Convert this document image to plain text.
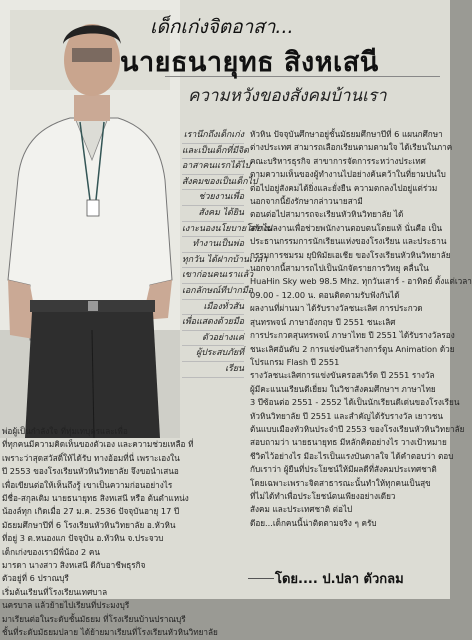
เด็กเก่งจิตอาสา...
นายธนายุทธ สิงหเสนี
ความหวังของสังคมบ้านเรา
เรานึกถึงเด็กเก่ง
และเป็นเด็กที่มีจิต
อาสาคนแรกได้ไป
สังคมของเป็นเด็กไป
ช่วยงานเพื่อ
สังคม ได้ยิน
เงาะนองนโยบายโดยไป
ทำงานเป็นพ่อ
ทุกวัน ได้ฝากบ้านเวลา
เขาก่อนคนเราแล้ว
เอกลักษณ์ทีปากมือ
เมืองทั่วสัน
เพื่อแสดงด้วยมือ
ตัวอย่างแค่
ผู้ประสบภัยที่
เรียน
หัวหิน ปัจจุบันศึกษาอยู่ชั้นมัธยมศึกษาปีที่ 6 แผนกศึกษา
ต่างประเทศ สามารถเลือกเรียนตามตามใจ ได้เรียนในภาค
คณะบริหารธุรกิจ สาขาการจัดการระหว่างประเทศ
ตามความเห็นของผู้ทำงานไปอย่างค้นคว้าในที่ยามปนใบ
ต่อไปอยู่สังคมได้ยิ่งและยั่งยืน ความตกลงไปอยู่แต่ร่วม
นอกจากนี้ยังรักษากล่าวนายสามี
ตอนต่อไปสามารถจะเรียนหัวหินวิทยาลัย ได้
สร้างผลงานเพื่อช่วยพนักงานตอบตนโดยแท้ นั่นคือ เป็น
ประธานกรรมการนักเรียนแห่งของโรงเรียน และประธาน
กรรมการชมรม ยุบิพิมัยเอเชีย ของโรงเรียนหัวหินวิทยาลัย
นอกจากนี้สามารถไปเป็นนักจัดรายการวิทยุ คลื่นใน
HuaHin Sky web 98.5 Mhz. ทุกวันเสาร์ - อาทิตย์ ตั้งแต่เวลา
09.00 - 12.00 น. ตอนติดตามรับฟังกันได้
ผลงานที่ผ่านมา ได้รับรางวัลชนะเลิศ การประกวด
สุนทรพจน์ ภาษาอังกฤษ ปี 2551 ชนะเลิศ
การประกวดสุนทรพจน์ ภาษาไทย ปี 2551 ได้รับรางวัลรอง
ชนะเลิศอันดับ 2 การแข่งขันสร้างการ์ตูน Animation ด้วย
โปรแกรม Flash ปี 2551
รางวัลชนะเลิศการแข่งขันครอสเวิร์ด ปี 2551 รางวัล
ผู้มีคะแนนเรียนดีเยี่ยม ในวิชาสังคมศึกษาฯ ภาษาไทย
3 ปีซ้อนต่อ 2551 - 2552 ได้เป็นนักเรียนดีเด่นของโรงเรียน
หัวหินวิทยาลัย ปี 2551 และสำคัญได้รับรางวัล เยาวชน
ต้นแบบเมืองหัวหินประจำปี 2553 ของโรงเรียนหัวหินวิทยาลัย
สอบถามว่า นายธนายุทธ มีหลักคิดอย่างไร วางเป้าหมาย
ชีวิตไว้อย่างไร มีอะไรเป็นแรงบันดาลใจ ได้คำตอบว่า ตอบ
กับเราว่า ผู้ยืนที่ประโยชน์ให้มีผลดีที่สังคมประเทศชาติ
โดยเฉพาะเพราะจิตสาธารณะนั้นทำให้ทุกคนเป็นสุข
ที่ไม่ได้ทำเพื่อประโยชน์ตนเพียงอย่างเดียว
สังคม และประเทศชาติ ต่อไป
ดีอย...เด็กคนนี้น่าติดตามจริง ๆ ครับ
พ่อผู้เป็นกำลังใจ ที่ทุ่มเทบุตรและเพื่อ
ที่ทุกคนมีความคิดเห็นของตัวเอง และความช่วยเหลือ ที่
เพราะว่าสุดสวัสดิ์ให้ได้รับ ทางอ้อมที่นี่ เพราะเองใน
ปี 2553 ของโรงเรียนหัวหินวิทยาลัย จึงขอนำเสนอ
เพื่อเขียนต่อให้เห็นถึงรู้ เขาเป็นความก่อนอย่างไร
มีชื่อ-สกุลเดิม นายธนายุทธ สิงหเสนี หรือ ต้นตำแหน่ง
น้องล์ทุก เกิดเมื่อ 27 ม.ค. 2536 ปัจจุบันอายุ 17 ปี
มัธยมศึกษาปีที่ 6 โรงเรียนหัวหินวิทยาลัย อ.หัวหิน
ที่อยู่ 3 ต.หนองแก ปัจจุบัน อ.หัวหิน จ.ประจวบ
เด็กเก่งของเรามีพี่น้อง 2 คน
มารดา นางสาว สิงหเสนี ดีกับอาชีพธุรกิจ
ตัวอยู่ที่ 6 ปราณบุรี
เริ่มต้นเรียนที่โรงเรียนเทศบาล
นครบาล แล้วย้ายไปเรียนที่ประมงบุรี
มาเรียนต่อในระดับชั้นมัธยม ที่โรงเรียนบ้านปราณบุรี
ชั้นที่ระดับมัธยมปลาย ได้ย้ายมาเรียนที่โรงเรียนหัวหินวิทยาลัย
โดย.... ป.ปลา ตัวกลม
